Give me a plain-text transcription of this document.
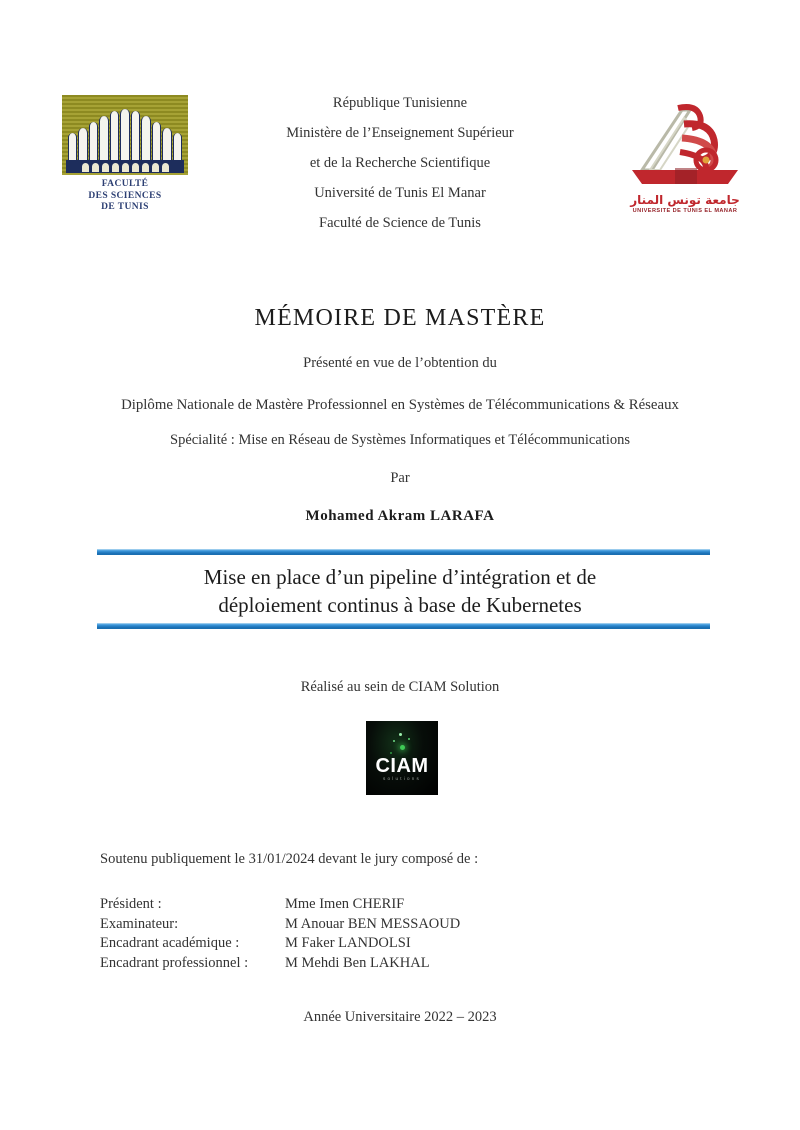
FACULTÉ
DES SCIENCES
DE TUNIS
République Tunisienne
Ministère de l’Enseignement Supérieur
et de la Recherche Scientifique
Université de Tunis El Manar
Faculté de Science de Tunis
جامعة تونس المنار
UNIVERSITE DE TUNIS EL MANAR
MÉMOIRE DE MASTÈRE
Présenté en vue de l’obtention du
Diplôme Nationale de Mastère Professionnel en Systèmes de Télécommunications & Réseaux
Spécialité : Mise en Réseau de Systèmes Informatiques et Télécommunications
Par
Mohamed Akram LARAFA
Mise en place d’un pipeline d’intégration et de
déploiement continus à base de Kubernetes
Réalisé au sein de CIAM Solution
CIAM
solutions
Soutenu publiquement le 31/01/2024 devant le jury composé de :
Président :	Mme Imen CHERIF
Examinateur:	M Anouar BEN MESSAOUD
Encadrant académique :	M Faker LANDOLSI
Encadrant professionnel :	M Mehdi Ben LAKHAL
Année Universitaire 2022 – 2023
